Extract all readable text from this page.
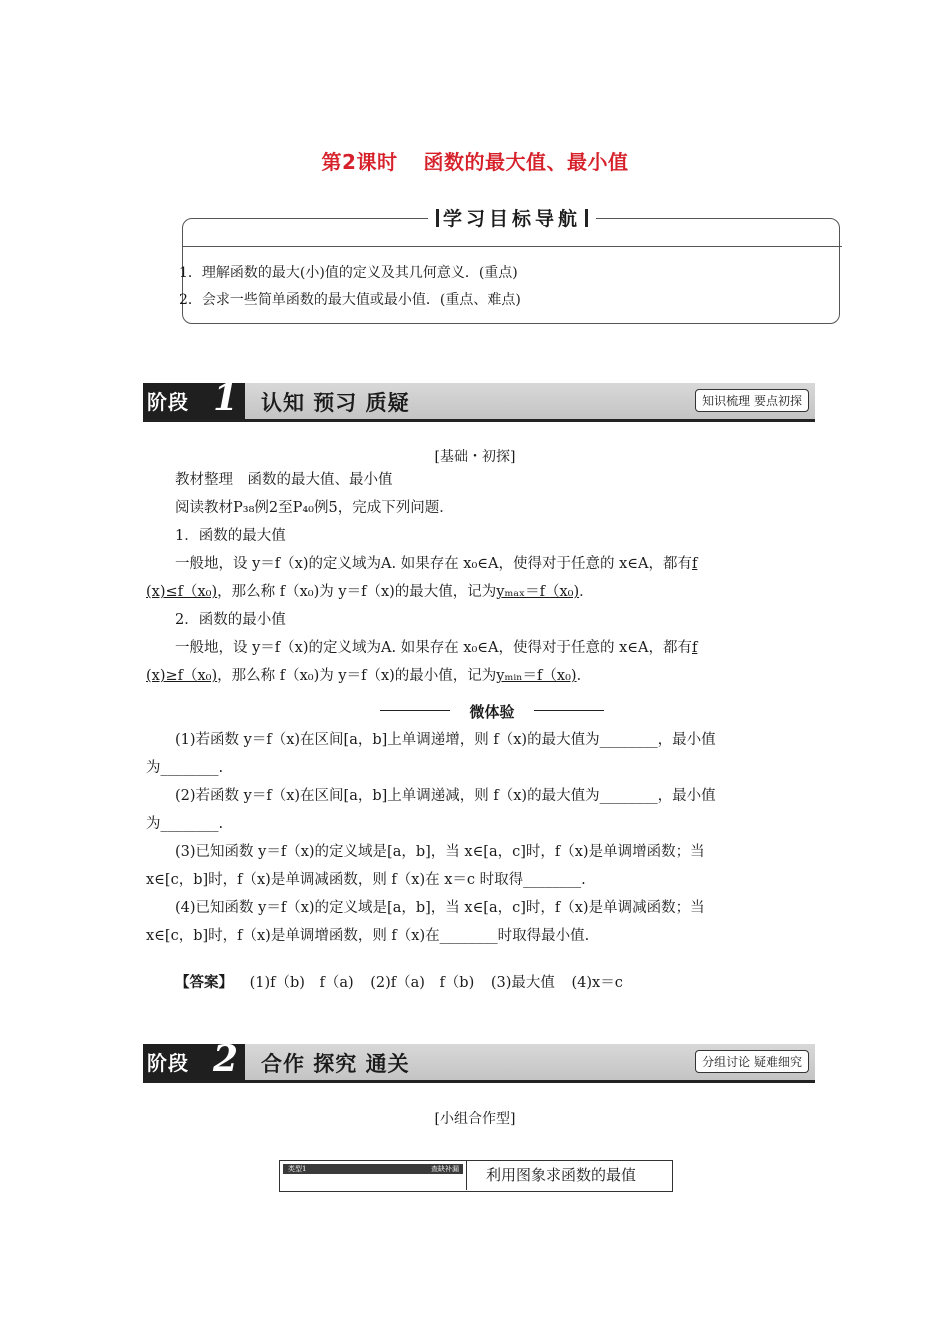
第2课时 函数的最大值、最小值
学习目标导航
1．理解函数的最大(小)值的定义及其几何意义．(重点)
2．会求一些简单函数的最大值或最小值．(重点、难点)
阶段 1 认知 预习 质疑	知识梳理 要点初探
[基础・初探]

教材整理　函数的最大值、最小值

阅读教材P₃₈例2至P₄₀例5，完成下列问题．

1．函数的最大值

一般地，设 y＝f（x)的定义域为A. 如果存在 x₀∈A，使得对于任意的 x∈A，都有f

(x)≤f（x₀)，那么称 f（x₀)为 y＝f（x)的最大值，记为yₘₐₓ＝f（x₀)．

2．函数的最小值

一般地，设 y＝f（x)的定义域为A. 如果存在 x₀∈A，使得对于任意的 x∈A，都有f

(x)≥f（x₀)，那么称 f（x₀)为 y＝f（x)的最小值，记为yₘᵢₙ＝f（x₀)．

微体验

(1)若函数 y＝f（x)在区间[a，b]上单调递增，则 f（x)的最大值为________，最小值

为________.

(2)若函数 y＝f（x)在区间[a，b]上单调递减，则 f（x)的最大值为________，最小值

为________.

(3)已知函数 y＝f（x)的定义域是[a，b]，当 x∈[a，c]时，f（x)是单调增函数；当

x∈[c，b]时，f（x)是单调减函数，则 f（x)在 x＝c 时取得________.

(4)已知函数 y＝f（x)的定义域是[a，b]，当 x∈[a，c]时，f（x)是单调减函数；当

x∈[c，b]时，f（x)是单调增函数，则 f（x)在________时取得最小值.

【答案】 (1)f（b)　f（a) (2)f（a)　f（b) (3)最大值 (4)x＝c
阶段 2 合作 探究 通关	分组讨论 疑难细究
[小组合作型]
类型1	查缺补漏 利用图象求函数的最值
